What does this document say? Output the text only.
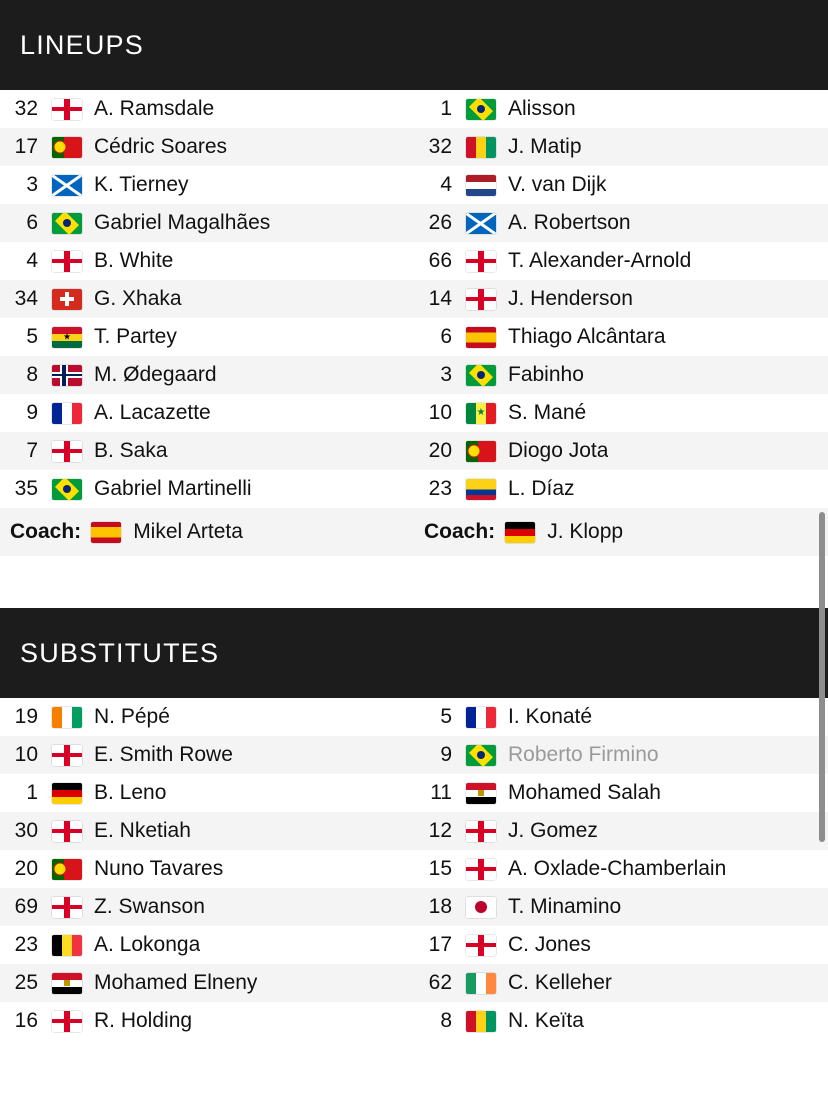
LINEUPS
32	A. Ramsdale	1	Alisson
17	Cédric Soares	32	J. Matip
3	K. Tierney	4	V. van Dijk
6	Gabriel Magalhães	26	A. Robertson
4	B. White	66	T. Alexander-Arnold
34	G. Xhaka	14	J. Henderson
5 ★	T. Partey	6	Thiago Alcântara
8	M. Ødegaard	3	Fabinho
9	A. Lacazette	10 ★	S. Mané
7	B. Saka	20	Diogo Jota
35	Gabriel Martinelli	23	L. Díaz
Coach:	Mikel Arteta	Coach:	J. Klopp
SUBSTITUTES
19	N. Pépé	5	I. Konaté
10	E. Smith Rowe	9	Roberto Firmino
1	B. Leno	11	Mohamed Salah
30	E. Nketiah	12	J. Gomez
20	Nuno Tavares	15	A. Oxlade-Chamberlain
69	Z. Swanson	18	T. Minamino
23	A. Lokonga	17	C. Jones
25	Mohamed Elneny	62	C. Kelleher
16	R. Holding	8	N. Keïta
